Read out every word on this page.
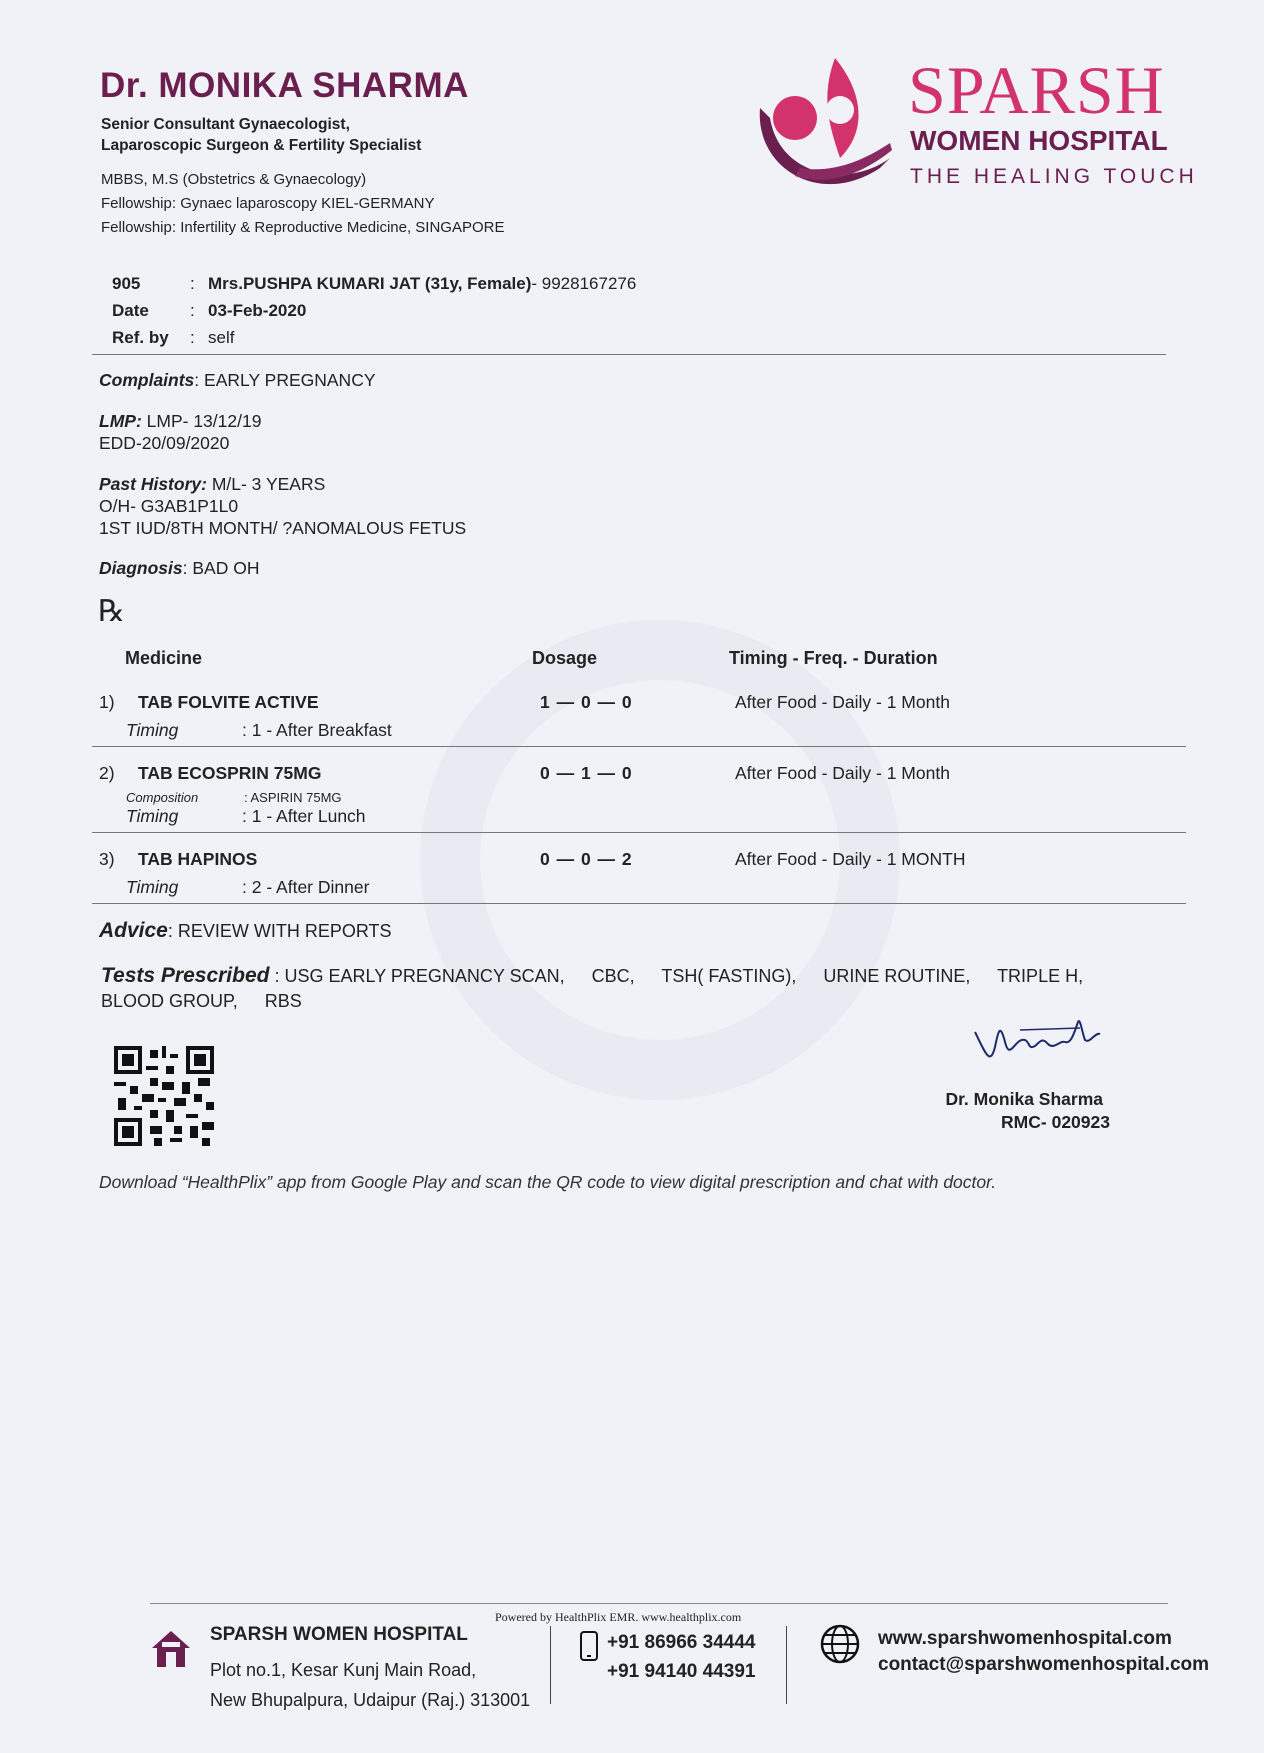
Dr. MONIKA SHARMA
Senior Consultant Gynaecologist,
Laparoscopic Surgeon & Fertility Specialist
MBBS, M.S (Obstetrics & Gynaecology)
Fellowship: Gynaec laparoscopy KIEL-GERMANY
Fellowship: Infertility & Reproductive Medicine, SINGAPORE
SPARSH
WOMEN HOSPITAL
THE HEALING TOUCH
905	: Mrs.PUSHPA KUMARI JAT (31y, Female) - 9928167276
Date	: 03-Feb-2020
Ref. by	: self
Complaints: EARLY PREGNANCY
LMP: LMP- 13/12/19
EDD-20/09/2020
Past History: M/L- 3 YEARS
O/H- G3AB1P1L0
1ST IUD/8TH MONTH/ ?ANOMALOUS FETUS
Diagnosis: BAD OH
℞
Medicine	Dosage	Timing - Freq. - Duration
1) TAB FOLVITE ACTIVE	1 — 0 — 0	After Food - Daily - 1 Month
Timing	: 1 - After Breakfast
2) TAB ECOSPRIN 75MG	0 — 1 — 0	After Food - Daily - 1 Month
Composition	: ASPIRIN 75MG
Timing	: 1 - After Lunch
3) TAB HAPINOS	0 — 0 — 2	After Food - Daily - 1 MONTH
Timing	: 2 - After Dinner
Advice: REVIEW WITH REPORTS
Tests Prescribed : USG EARLY PREGNANCY SCAN, CBC, TSH( FASTING), URINE ROUTINE, TRIPLE H,
BLOOD GROUP, RBS
Dr. Monika Sharma
RMC- 020923
Download “HealthPlix” app from Google Play and scan the QR code to view digital prescription and chat with doctor.
Powered by HealthPlix EMR. www.healthplix.com
SPARSH WOMEN HOSPITAL
Plot no.1, Kesar Kunj Main Road,
New Bhupalpura, Udaipur (Raj.) 313001
+91 86966 34444
+91 94140 44391
www.sparshwomenhospital.com
contact@sparshwomenhospital.com
